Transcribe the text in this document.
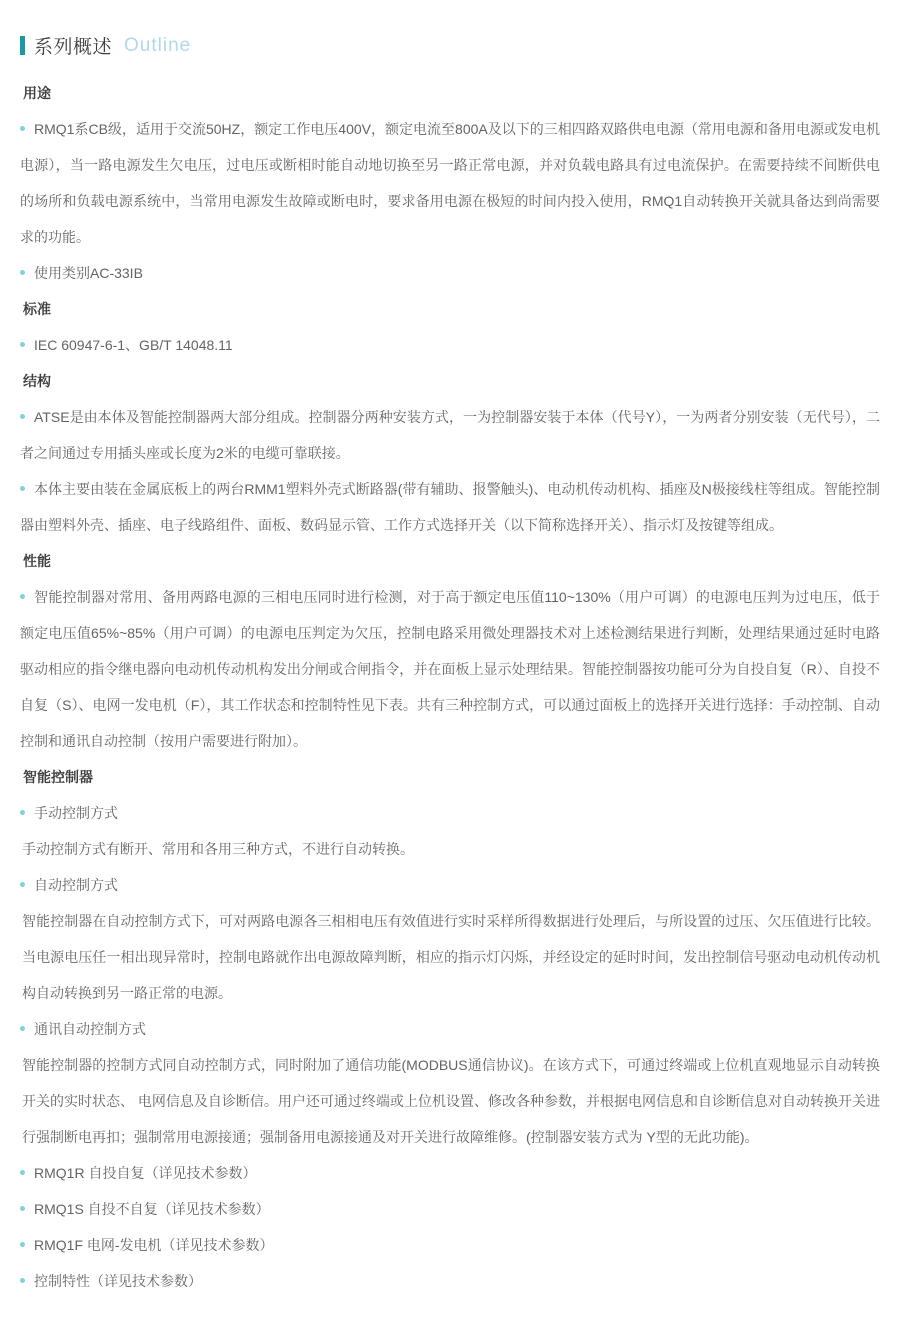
系列概述 Outline
用途
RMQ1系CB级，适用于交流50HZ，额定工作电压400V，额定电流至800A及以下的三相四路双路供电电源（常用电源和备用电源或发电机电源），当一路电源发生欠电压，过电压或断相时能自动地切换至另一路正常电源，并对负载电路具有过电流保护。在需要持续不间断供电的场所和负载电源系统中，当常用电源发生故障或断电时，要求备用电源在极短的时间内投入使用，RMQ1自动转换开关就具备达到尚需要求的功能。
使用类别AC-33IB
标准
IEC 60947-6-1、GB/T 14048.11
结构
ATSE是由本体及智能控制器两大部分组成。控制器分两种安装方式，一为控制器安装于本体（代号Y），一为两者分别安装（无代号），二者之间通过专用插头座或长度为2米的电缆可靠联接。
本体主要由装在金属底板上的两台RMM1塑料外壳式断路器(带有辅助、报警触头)、电动机传动机构、插座及N极接线柱等组成。智能控制器由塑料外壳、插座、电子线路组件、面板、数码显示管、工作方式选择开关（以下简称选择开关）、指示灯及按键等组成。
性能
智能控制器对常用、备用两路电源的三相电压同时进行检测，对于高于额定电压值110~130%（用户可调）的电源电压判为过电压，低于额定电压值65%~85%（用户可调）的电源电压判定为欠压，控制电路采用微处理器技术对上述检测结果进行判断，处理结果通过延时电路驱动相应的指令继电器向电动机传动机构发出分闸或合闸指令，并在面板上显示处理结果。智能控制器按功能可分为自投自复（R）、自投不自复（S）、电网一发电机（F），其工作状态和控制特性见下表。共有三种控制方式，可以通过面板上的选择开关进行选择：手动控制、自动控制和通讯自动控制（按用户需要进行附加）。
智能控制器
手动控制方式
手动控制方式有断开、常用和各用三种方式，不进行自动转换。
自动控制方式
智能控制器在自动控制方式下，可对两路电源各三相相电压有效值进行实时采样所得数据进行处理后，与所设置的过压、欠压值进行比较。当电源电压任一相出现异常时，控制电路就作出电源故障判断，相应的指示灯闪烁，并经设定的延时时间，发出控制信号驱动电动机传动机构自动转换到另一路正常的电源。
通讯自动控制方式
智能控制器的控制方式同自动控制方式，同时附加了通信功能(MODBUS通信协议)。在该方式下，可通过终端或上位机直观地显示自动转换开关的实时状态、 电网信息及自诊断信。用户还可通过终端或上位机设置、修改各种参数，并根据电网信息和自诊断信息对自动转换开关进行强制断电再扣；强制常用电源接通；强制备用电源接通及对开关进行故障维修。(控制器安装方式为 Y型的无此功能)。
RMQ1R 自投自复（详见技术参数）
RMQ1S 自投不自复（详见技术参数）
RMQ1F 电网-发电机（详见技术参数）
控制特性（详见技术参数）
